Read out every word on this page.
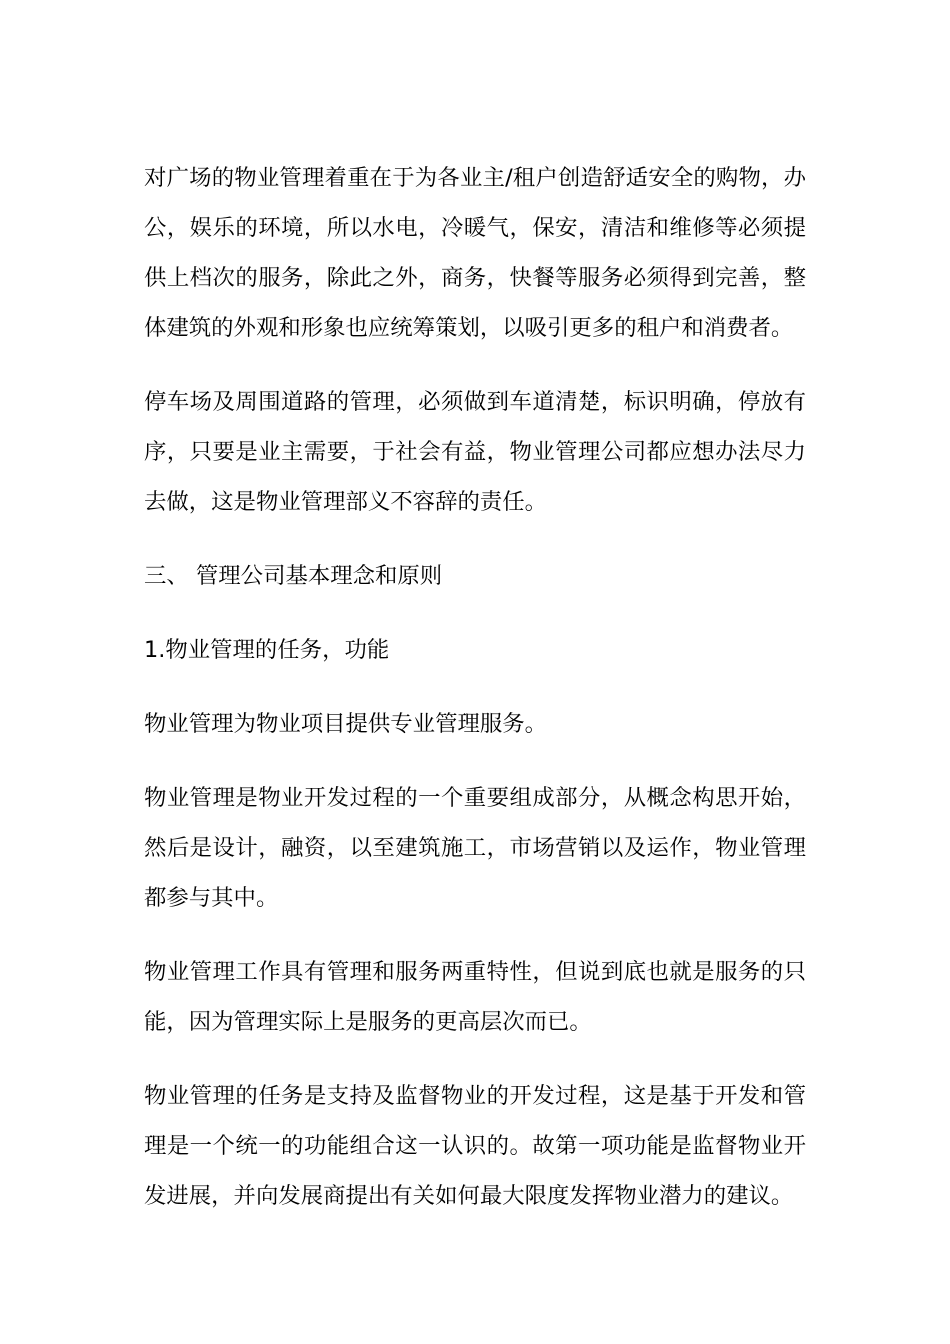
对广场的物业管理着重在于为各业主/租户创造舒适安全的购物，办公，娱乐的环境，所以水电，冷暖气，保安，清洁和维修等必须提供上档次的服务，除此之外，商务，快餐等服务必须得到完善，整体建筑的外观和形象也应统筹策划，以吸引更多的租户和消费者。

停车场及周围道路的管理，必须做到车道清楚，标识明确，停放有序，只要是业主需要，于社会有益，物业管理公司都应想办法尽力去做，这是物业管理部义不容辞的责任。

三、 管理公司基本理念和原则

1.物业管理的任务，功能

物业管理为物业项目提供专业管理服务。

物业管理是物业开发过程的一个重要组成部分，从概念构思开始，然后是设计，融资，以至建筑施工，市场营销以及运作，物业管理都参与其中。

物业管理工作具有管理和服务两重特性，但说到底也就是服务的只能，因为管理实际上是服务的更高层次而已。

物业管理的任务是支持及监督物业的开发过程，这是基于开发和管理是一个统一的功能组合这一认识的。故第一项功能是监督物业开发进展，并向发展商提出有关如何最大限度发挥物业潜力的建议。
